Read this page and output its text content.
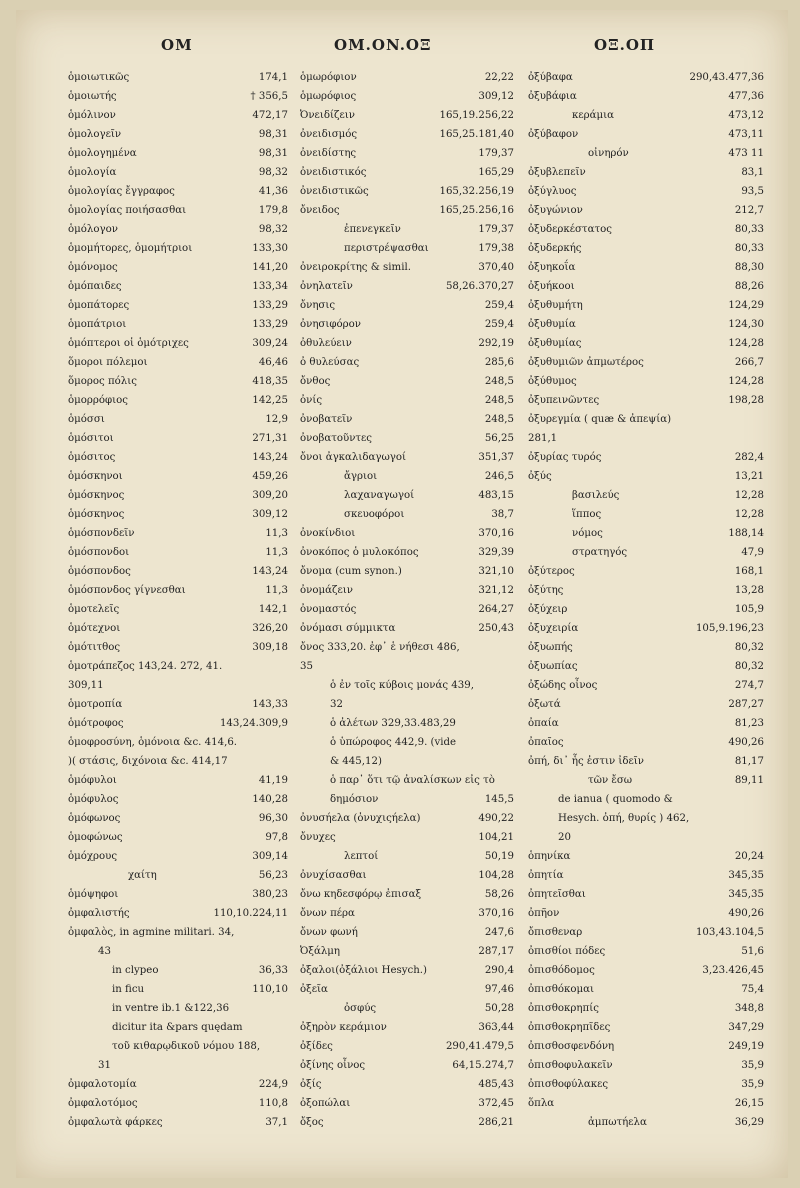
OM	OM.ON.OΞ	OΞ.OΠ
ὁμοιωτικῶς	174,1
ὁμοιωτής	† 356,5
ὁμόλινον	472,17
ὁμολογεῖν	98,31
ὁμολογημένα	98,31
ὁμολογία	98,32
ὁμολογίας ἔγγραφος	41,36
ὁμολογίας ποιήσασθαι	179,8
ὁμόλογον	98,32
ὁμομήτορες, ὁμομήτριοι	133,30
ὁμόνομος	141,20
ὁμόπαιδες	133,34
ὁμοπάτορες	133,29
ὁμοπάτριοι	133,29
ὁμόπτεροι οἱ ὁμότριχες	309,24
ὅμοροι πόλεμοι	46,46
ὅμορος πόλις	418,35
ὁμορρόφιος	142,25
ὁμόσσι	12,9
ὁμόσιτοι	271,31
ὁμόσιτος	143,24
ὁμόσκηνοι	459,26
ὁμόσκηνος	309,20
ὁμόσκηνος	309,12
ὁμόσπονδεῖν	11,3
ὁμόσπονδοι	11,3
ὁμόσπονδος	143,24
ὁμόσπονδος γίγνεσθαι	11,3
ὁμοτελεῖς	142,1
ὁμότεχνοι	326,20
ὁμότιτθος	309,18
ὁμοτράπεζος 143,24. 272, 41.
309,11
ὁμοτροπία	143,33
ὁμότροφος	143,24.309,9
ὁμοφροσύνη, ὁμόνοια &c. 414,6.
)( στάσις, διχόνοια &c. 414,17
ὁμόφυλοι	41,19
ὁμόφυλος	140,28
ὁμόφωνος	96,30
ὁμοφώνως	97,8
ὁμόχρους	309,14
χαίτη	56,23
ὁμόψηφοι	380,23
ὀμφαλιστής	110,10.224,11
ὀμφαλὸς, in agmine militari. 34,
43
in clypeo	36,33
in ficu	110,10
in ventre ib.1 &122,36
dicitur ita &pars quędam
τοῦ κιθαρῳδικοῦ νόμου 188,
31
ὀμφαλοτομία	224,9
ὀμφαλοτόμος	110,8
ὀμφαλωτὰ φάρκες	37,1
ὁμωρόφιον	22,22
ὁμωρόφιος	309,12
Ὀνειδίζειν	165,19.256,22
ὀνειδισμός	165,25.181,40
ὀνειδίστης	179,37
ὀνειδιστικός	165,29
ὀνειδιστικῶς	165,32.256,19
ὄνειδος	165,25.256,16
ἐπενεγκεῖν	179,37
περιστρέψασθαι	179,38
ὀνειροκρίτης & simil.	370,40
ὀνηλατεῖν	58,26.370,27
ὄνησις	259,4
ὀνησιφόρον	259,4
ὀθυλεύειν	292,19
ὀ θυλεύσας	285,6
ὄνθος	248,5
ὀνίς	248,5
ὀνοβατεῖν	248,5
ὀνοβατοῦντες	56,25
ὄνοι ἀγκαλιδαγωγοί	351,37
ἄγριοι	246,5
λαχαναγωγοί	483,15
σκευοφόροι	38,7
ὀνοκίνδιοι	370,16
ὀνοκόπος ὁ μυλοκόπος	329,39
ὄνομα (cum synon.)	321,10
ὀνομάζειν	321,12
ὀνομαστός	264,27
ὀνόμασι σύμμικτα	250,43
ὄνος 333,20. ἐφ᾽ ἑ νήθεσι 486,
35
ὁ ἐν τοῖς κύβοις μονάς 439,
32
ὁ ἀλέτων 329,33.483,29
ὁ ὑπώροφος 442,9. (vide
& 445,12)
ὁ παρ᾽ ὅτι τῷ ἀναλίσκων εἰς τὸ
δημόσιον	145,5
ὀνυσήελα (ὀνυχιςήελα)	490,22
ὄνυχες	104,21
λεπτοί	50,19
ὀνυχίσασθαι	104,28
ὄνω κηδεσφόρῳ ἐπισαξ	58,26
ὄνων πέρα	370,16
ὄνων φωνή	247,6
Ὀξάλμη	287,17
ὀξαλοι(ὀξάλιοι Hesych.)	290,4
ὀξεῖα	97,46
ὀσφύς	50,28
ὀξηρὸν κεράμιον	363,44
ὀξίδες	290,41.479,5
ὀξίνης οἶνος	64,15.274,7
ὀξίς	485,43
ὀξοπώλαι	372,45
ὄξος	286,21
ὀξύβαφα	290,43.477,36
ὀξυβάφια	477,36
κεράμια	473,12
ὀξύβαφον	473,11
οἰνηρόν	473 11
ὀξυβλεπεῖν	83,1
ὀξύγλυος	93,5
ὀξυγώνιον	212,7
ὀξυδερκέστατος	80,33
ὀξυδερκής	80,33
ὀξυηκοΐα	88,30
ὀξυήκοοι	88,26
ὀξυθυμήτη	124,29
ὀξυθυμία	124,30
ὀξυθυμίας	124,28
ὀξυθυμιῶν ἀπμωτέρος	266,7
ὀξύθυμος	124,28
ὀξυπεινῶντες	198,28
ὀξυρεγμία ( quæ & ἀπεψία)
281,1
ὀξυρίας τυρός	282,4
ὀξύς	13,21
βασιλεύς	12,28
ἵππος	12,28
νόμος	188,14
στρατηγός	47,9
ὀξύτερος	168,1
ὀξύτης	13,28
ὀξύχειρ	105,9
ὀξυχειρία	105,9.196,23
ὀξυωπής	80,32
ὀξυωπίας	80,32
ὀξώδης οἶνος	274,7
ὀξωτά	287,27
ὀπαία	81,23
ὀπαῖος	490,26
ὀπή, δι᾽ ἧς ἐστιν ἰδεῖν	81,17
τῶν ἔσω	89,11
de ianua ( quomodo &
Hesych. ὀπή, θυρίς ) 462,
20
ὁπηνίκα	20,24
ὀπητία	345,35
ὀπητεῖσθαι	345,35
ὀπῆον	490,26
ὄπισθεναρ	103,43.104,5
ὀπισθίοι πόδες	51,6
ὀπισθόδομος	3,23.426,45
ὀπισθόκομαι	75,4
ὀπισθοκρηπίς	348,8
ὀπισθοκρηπῖδες	347,29
ὀπισθοσφενδόνη	249,19
ὀπισθοφυλακεῖν	35,9
ὀπισθοφύλακες	35,9
ὅπλα	26,15
ἀμπωτήελα	36,29
